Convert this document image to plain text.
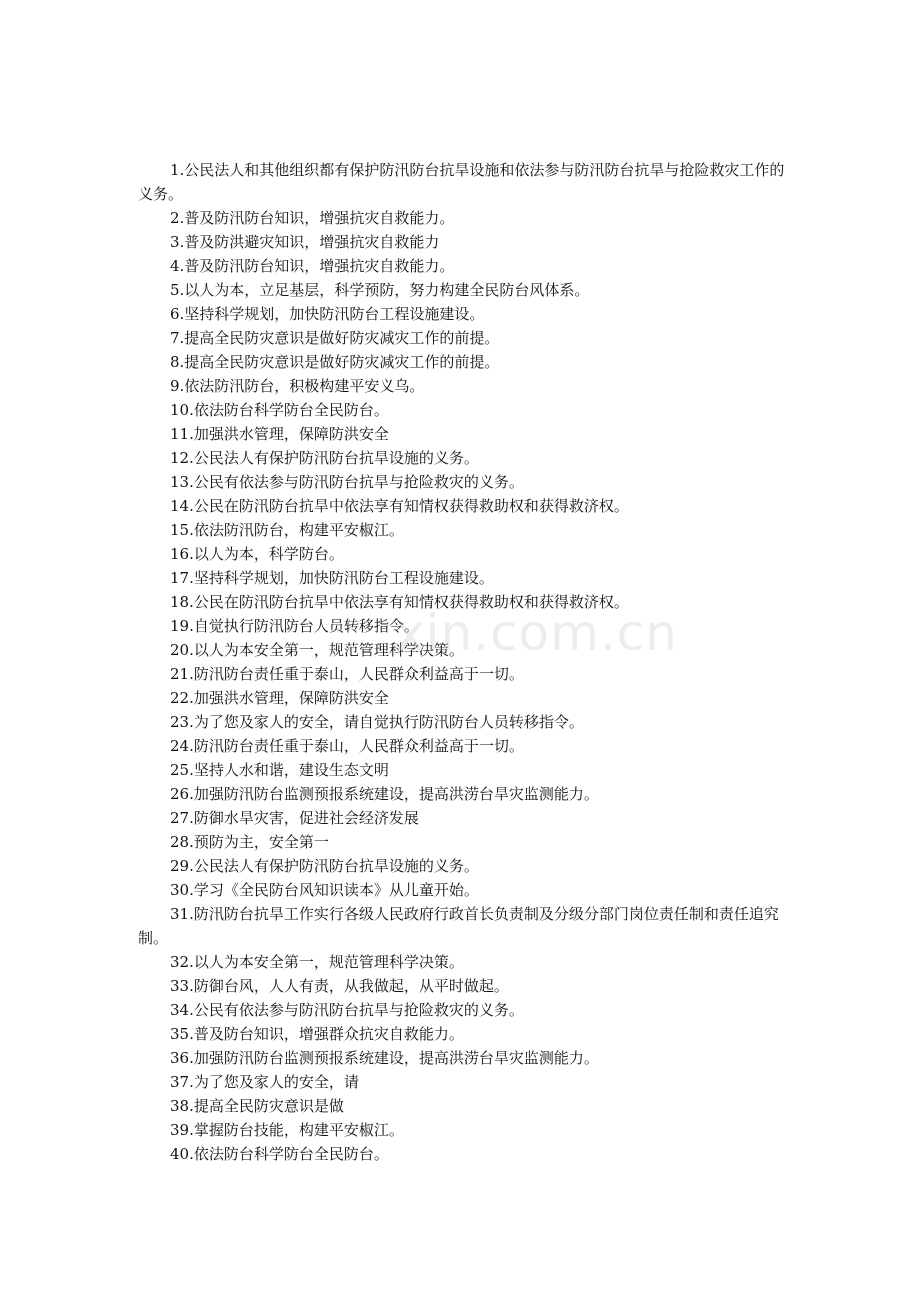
1.公民法人和其他组织都有保护防汛防台抗旱设施和依法参与防汛防台抗旱与抢险救灾工作的义务。

2.普及防汛防台知识，增强抗灾自救能力。

3.普及防洪避灾知识，增强抗灾自救能力

4.普及防汛防台知识，增强抗灾自救能力。

5.以人为本，立足基层，科学预防，努力构建全民防台风体系。

6.坚持科学规划，加快防汛防台工程设施建设。

7.提高全民防灾意识是做好防灾减灾工作的前提。

8.提高全民防灾意识是做好防灾减灾工作的前提。

9.依法防汛防台，积极构建平安义乌。

10.依法防台科学防台全民防台。

11.加强洪水管理，保障防洪安全

12.公民法人有保护防汛防台抗旱设施的义务。

13.公民有依法参与防汛防台抗旱与抢险救灾的义务。

14.公民在防汛防台抗旱中依法享有知情权获得救助权和获得救济权。

15.依法防汛防台，构建平安椒江。

16.以人为本，科学防台。

17.坚持科学规划，加快防汛防台工程设施建设。

18.公民在防汛防台抗旱中依法享有知情权获得救助权和获得救济权。

19.自觉执行防汛防台人员转移指令。

20.以人为本安全第一，规范管理科学决策。

21.防汛防台责任重于泰山，人民群众利益高于一切。

22.加强洪水管理，保障防洪安全

23.为了您及家人的安全，请自觉执行防汛防台人员转移指令。

24.防汛防台责任重于泰山，人民群众利益高于一切。

25.坚持人水和谐，建设生态文明

26.加强防汛防台监测预报系统建设，提高洪涝台旱灾监测能力。

27.防御水旱灾害，促进社会经济发展

28.预防为主，安全第一

29.公民法人有保护防汛防台抗旱设施的义务。

30.学习《全民防台风知识读本》从儿童开始。

31.防汛防台抗旱工作实行各级人民政府行政首长负责制及分级分部门岗位责任制和责任追究制。

32.以人为本安全第一，规范管理科学决策。

33.防御台风，人人有责，从我做起，从平时做起。

34.公民有依法参与防汛防台抗旱与抢险救灾的义务。

35.普及防台知识，增强群众抗灾自救能力。

36.加强防汛防台监测预报系统建设，提高洪涝台旱灾监测能力。

37.为了您及家人的安全，请

38.提高全民防灾意识是做

39.掌握防台技能，构建平安椒江。

40.依法防台科学防台全民防台。

xin.com.cn
